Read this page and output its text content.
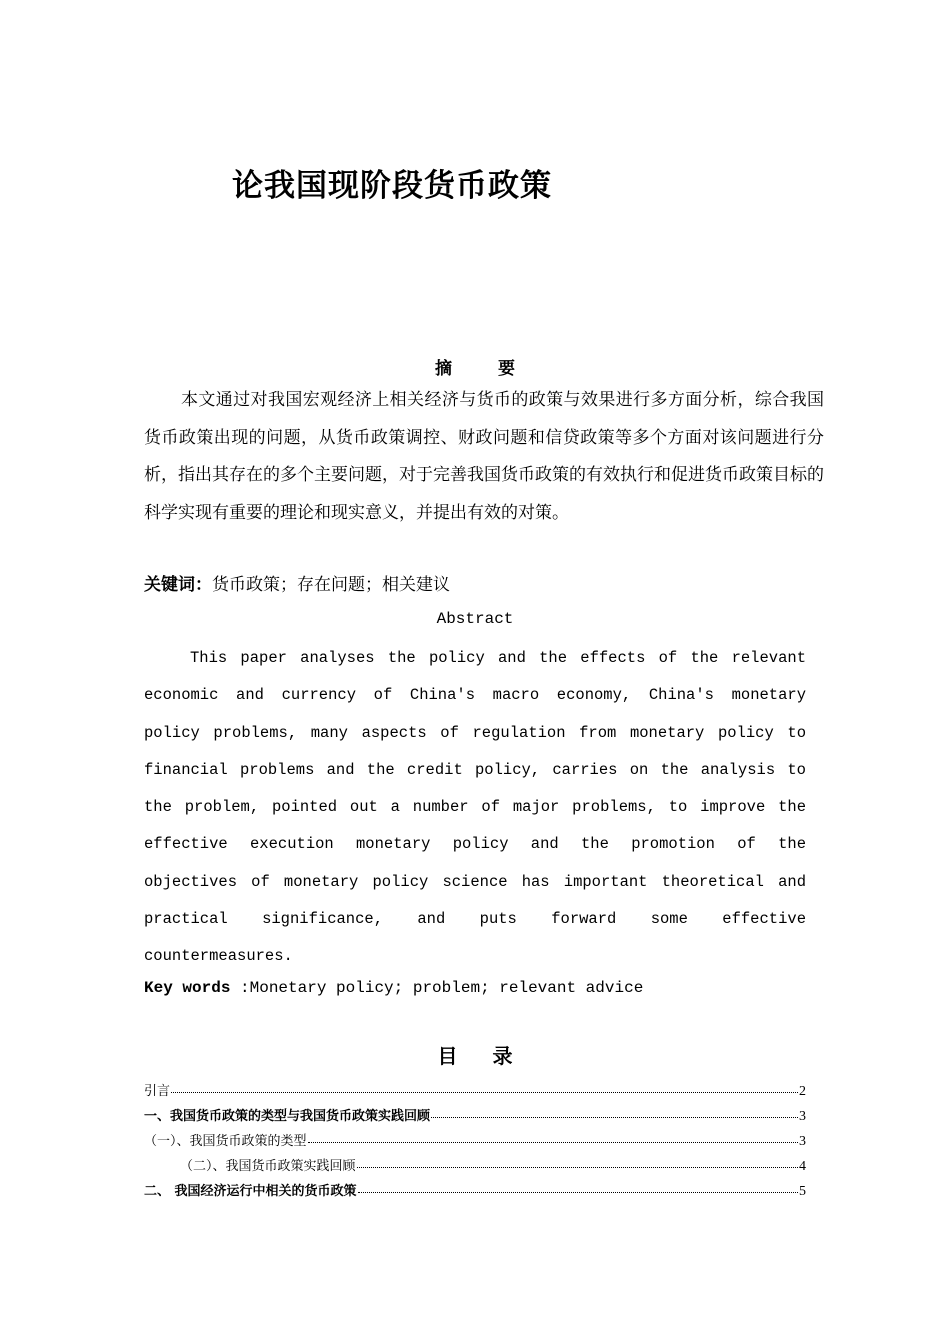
论我国现阶段货币政策
摘 要
本文通过对我国宏观经济上相关经济与货币的政策与效果进行多方面分析，综合我国货币政策出现的问题，从货币政策调控、财政问题和信贷政策等多个方面对该问题进行分析，指出其存在的多个主要问题，对于完善我国货币政策的有效执行和促进货币政策目标的科学实现有重要的理论和现实意义，并提出有效的对策。
关键词：货币政策；存在问题；相关建议
Abstract
This paper analyses the policy and the effects of the relevant economic and currency of China's macro economy, China's monetary policy problems, many aspects of regulation from monetary policy to financial problems and the credit policy, carries on the analysis to the problem, pointed out a number of major problems, to improve the effective execution monetary policy and the promotion of the objectives of monetary policy science has important theoretical and practical significance, and puts forward some effective countermeasures.
Key words :Monetary policy; problem; relevant advice
目 录
引言	2
一、我国货币政策的类型与我国货币政策实践回顾	3
（一）、我国货币政策的类型	3
（二）、我国货币政策实践回顾	4
二、 我国经济运行中相关的货币政策	5
